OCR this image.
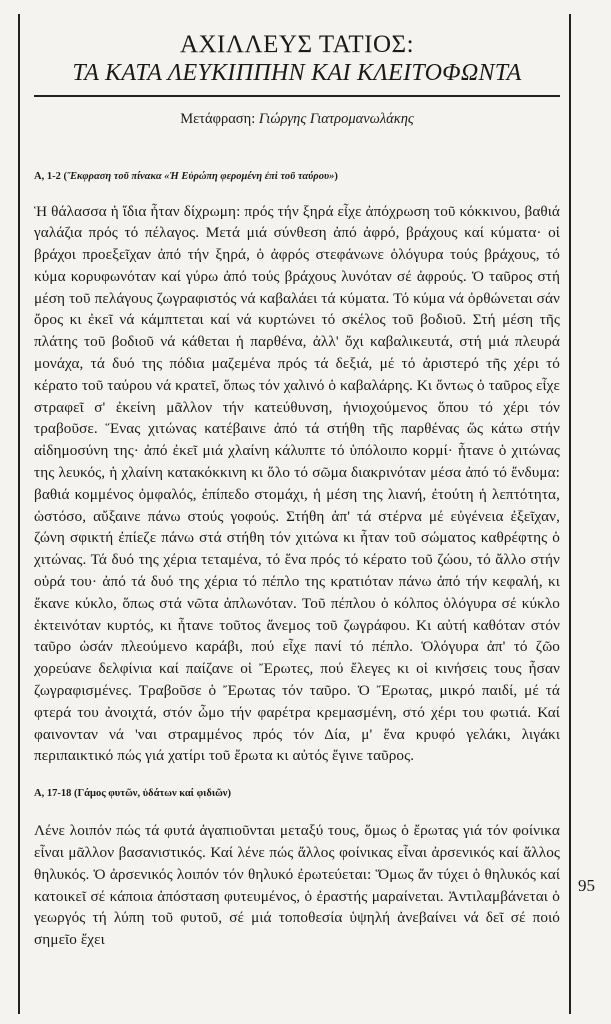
ΑΧΙΛΛΕΥΣ ΤΑΤΙΟΣ:
ΤΑ ΚΑΤΑ ΛΕΥΚΙΠΠΗΝ ΚΑΙ ΚΛΕΙΤΟΦΩΝΤΑ
Μετάφραση: Γιώργης Γιατρομανωλάκης
Α, 1-2 (Ἔκφραση τοῦ πίνακα «Ἡ Εὐρώπη φερομένη ἐπὶ τοῦ ταύρου»)
Ἡ θάλασσα ἡ ἴδια ἦταν δίχρωμη: πρός τήν ξηρά εἶχε ἀπόχρωση τοῦ κόκκινου, βαθιά γαλάζια πρός τό πέλαγος. Μετά μιά σύνθεση ἀπό ἀφρό, βράχους καί κύματα· οἱ βράχοι προεξεῖχαν ἀπό τήν ξηρά, ὁ ἀφρός στεφάνωνε ὁλόγυρα τούς βράχους, τό κύμα κορυφωνόταν καί γύρω ἀπό τούς βράχους λυνόταν σέ ἀφρούς. Ὁ ταῦρος στή μέση τοῦ πελάγους ζωγραφιστός νά καβαλάει τά κύματα. Τό κύμα νά ὀρθώνεται σάν ὄρος κι ἐκεῖ νά κάμπτεται καί νά κυρτώνει τό σκέλος τοῦ βοδιοῦ. Στή μέση τῆς πλάτης τοῦ βοδιοῦ νά κάθεται ἡ παρθένα, ἀλλ' ὄχι καβαλικευτά, στή μιά πλευρά μονάχα, τά δυό της πόδια μαζεμένα πρός τά δεξιά, μέ τό ἀριστερό τῆς χέρι τό κέρατο τοῦ ταύρου νά κρατεῖ, ὅπως τόν χαλινό ὁ καβαλάρης. Κι ὄντως ὁ ταῦρος εἶχε στραφεῖ σ' ἐκείνη μᾶλλον τήν κατεύθυνση, ἡνιοχούμενος ὅπου τό χέρι τόν τραβοῦσε. Ἕνας χιτώνας κατέβαινε ἀπό τά στήθη τῆς παρθένας ὥς κάτω στήν αἰδημοσύνη της· ἀπό ἐκεῖ μιά χλαίνη κάλυπτε τό ὑπόλοιπο κορμί· ἦτανε ὁ χιτώνας της λευκός, ἡ χλαίνη κατακόκκινη κι ὅλο τό σῶμα διακρινόταν μέσα ἀπό τό ἔνδυμα: βαθιά κομμένος ὀμφαλός, ἐπίπεδο στομάχι, ἡ μέση της λιανή, ἐτούτη ἡ λεπτότητα, ὡστόσο, αὔξαινε πάνω στούς γοφούς. Στήθη ἀπ' τά στέρνα μέ εὐγένεια ἐξεῖχαν, ζώνη σφικτή ἐπίεζε πάνω στά στήθη τόν χιτώνα κι ἦταν τοῦ σώματος καθρέφτης ὁ χιτώνας. Τά δυό της χέρια τεταμένα, τό ἕνα πρός τό κέρατο τοῦ ζώου, τό ἄλλο στήν οὐρά του· ἀπό τά δυό της χέρια τό πέπλο της κρατιόταν πάνω ἀπό τήν κεφαλή, κι ἔκανε κύκλο, ὅπως στά νῶτα ἁπλωνόταν. Τοῦ πέπλου ὁ κόλπος ὁλόγυρα σέ κύκλο ἐκτεινόταν κυρτός, κι ἦτανε τοῦτος ἄνεμος τοῦ ζωγράφου. Κι αὐτή καθόταν στόν ταῦρο ὡσάν πλεούμενο καράβι, πού εἶχε πανί τό πέπλο. Ὁλόγυρα ἀπ' τό ζῶο χορεύανε δελφίνια καί παίζανε οἱ Ἔρωτες, πού ἔλεγες κι οἱ κινήσεις τους ἦσαν ζωγραφισμένες. Τραβοῦσε ὁ Ἔρωτας τόν ταῦρο. Ὁ Ἔρωτας, μικρό παιδί, μέ τά φτερά του ἀνοιχτά, στόν ὦμο τήν φαρέτρα κρεμασμένη, στό χέρι του φωτιά. Καί φαινονταν νά 'ναι στραμμένος πρός τόν Δία, μ' ἕνα κρυφό γελάκι, λιγάκι περιπαικτικό πώς γιά χατίρι τοῦ ἔρωτα κι αὐτός ἔγινε ταῦρος.
Α, 17-18 (Γάμος φυτῶν, ὑδάτων καί φιδιῶν)
Λένε λοιπόν πώς τά φυτά ἀγαπιοῦνται μεταξύ τους, ὅμως ὁ ἔρωτας γιά τόν φοίνικα εἶναι μᾶλλον βασανιστικός. Καί λένε πώς ἄλλος φοίνικας εἶναι ἀρσενικός καί ἄλλος θηλυκός. Ὁ ἀρσενικός λοιπόν τόν θηλυκό ἐρωτεύεται: Ὅμως ἄν τύχει ὁ θηλυκός καί κατοικεῖ σέ κάποια ἀπόσταση φυτευμένος, ὁ ἐραστής μαραίνεται. Ἀντιλαμβάνεται ὁ γεωργός τή λύπη τοῦ φυτοῦ, σέ μιά τοποθεσία ὑψηλή ἀνεβαίνει νά δεῖ σέ ποιό σημεῖο ἔχει
95
